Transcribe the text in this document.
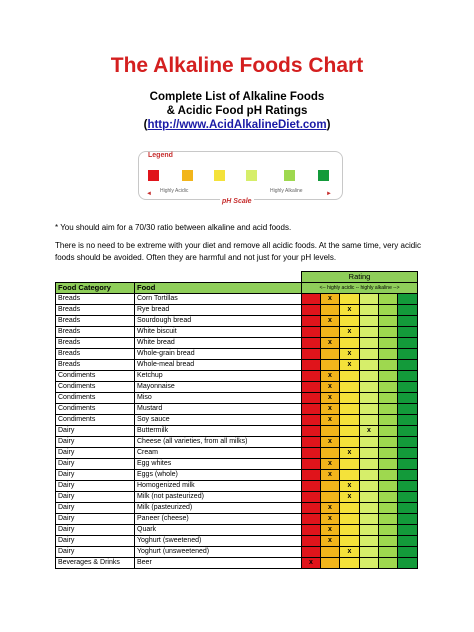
The Alkaline Foods Chart
Complete List of Alkaline Foods
& Acidic Food pH Ratings
(http://www.AcidAlkalineDiet.com)
Legend
◄ Highly Acidic	Highly Alkaline	►
pH Scale
* You should aim for a 70/30 ratio between alkaline and acid foods.
There is no need to be extreme with your diet and remove all acidic foods. At the same time, very acidic foods should be avoided. Often they are harmful and not just for your pH levels.
		Rating					
Food Category	Food	<-- highly acidic -- highly alkaline -->					
Breads	Corn Tortillas		x				
Breads	Rye bread			x			
Breads	Sourdough bread		x				
Breads	White biscuit			x			
Breads	White bread		x				
Breads	Whole-grain bread			x			
Breads	Whole-meal bread			x			
Condiments	Ketchup		x				
Condiments	Mayonnaise		x				
Condiments	Miso		x				
Condiments	Mustard		x				
Condiments	Soy sauce		x				
Dairy	Buttermilk				x		
Dairy	Cheese (all varieties, from all milks)		x				
Dairy	Cream			x			
Dairy	Egg whites		x				
Dairy	Eggs (whole)		x				
Dairy	Homogenized milk			x			
Dairy	Milk (not pasteurized)			x			
Dairy	Milk (pasteurized)		x				
Dairy	Paneer (cheese)		x				
Dairy	Quark		x				
Dairy	Yoghurt (sweetened)		x				
Dairy	Yoghurt (unsweetened)			x			
Beverages & Drinks	Beer	x					
